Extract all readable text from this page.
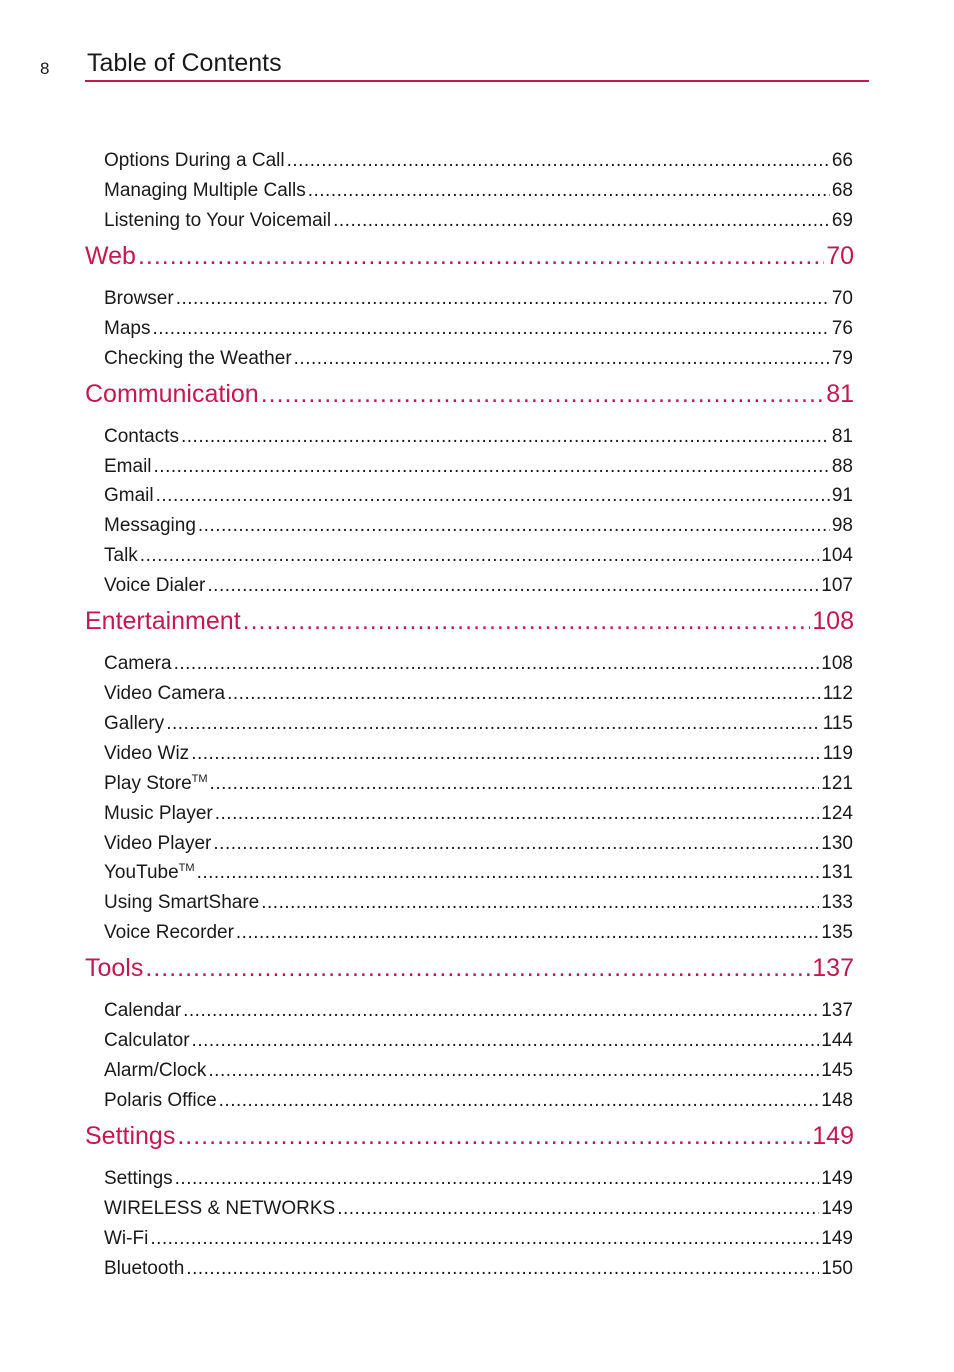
8 Table of Contents
Options During a Call .....	66
Managing Multiple Calls .....	68
Listening to Your Voicemail .....	69
Web .....	70
Browser .....	70
Maps .....	76
Checking the Weather .....	79
Communication .....	81
Contacts .....	81
Email .....	88
Gmail .....	91
Messaging .....	98
Talk .....	104
Voice Dialer .....	107
Entertainment .....	108
Camera .....	108
Video Camera .....	112
Gallery .....	115
Video Wiz .....	119
Play Store™ .....	121
Music Player .....	124
Video Player .....	130
YouTube™ .....	131
Using SmartShare .....	133
Voice Recorder .....	135
Tools .....	137
Calendar .....	137
Calculator .....	144
Alarm/Clock .....	145
Polaris Office .....	148
Settings .....	149
Settings .....	149
WIRELESS & NETWORKS .....	149
Wi-Fi .....	149
Bluetooth .....	150
